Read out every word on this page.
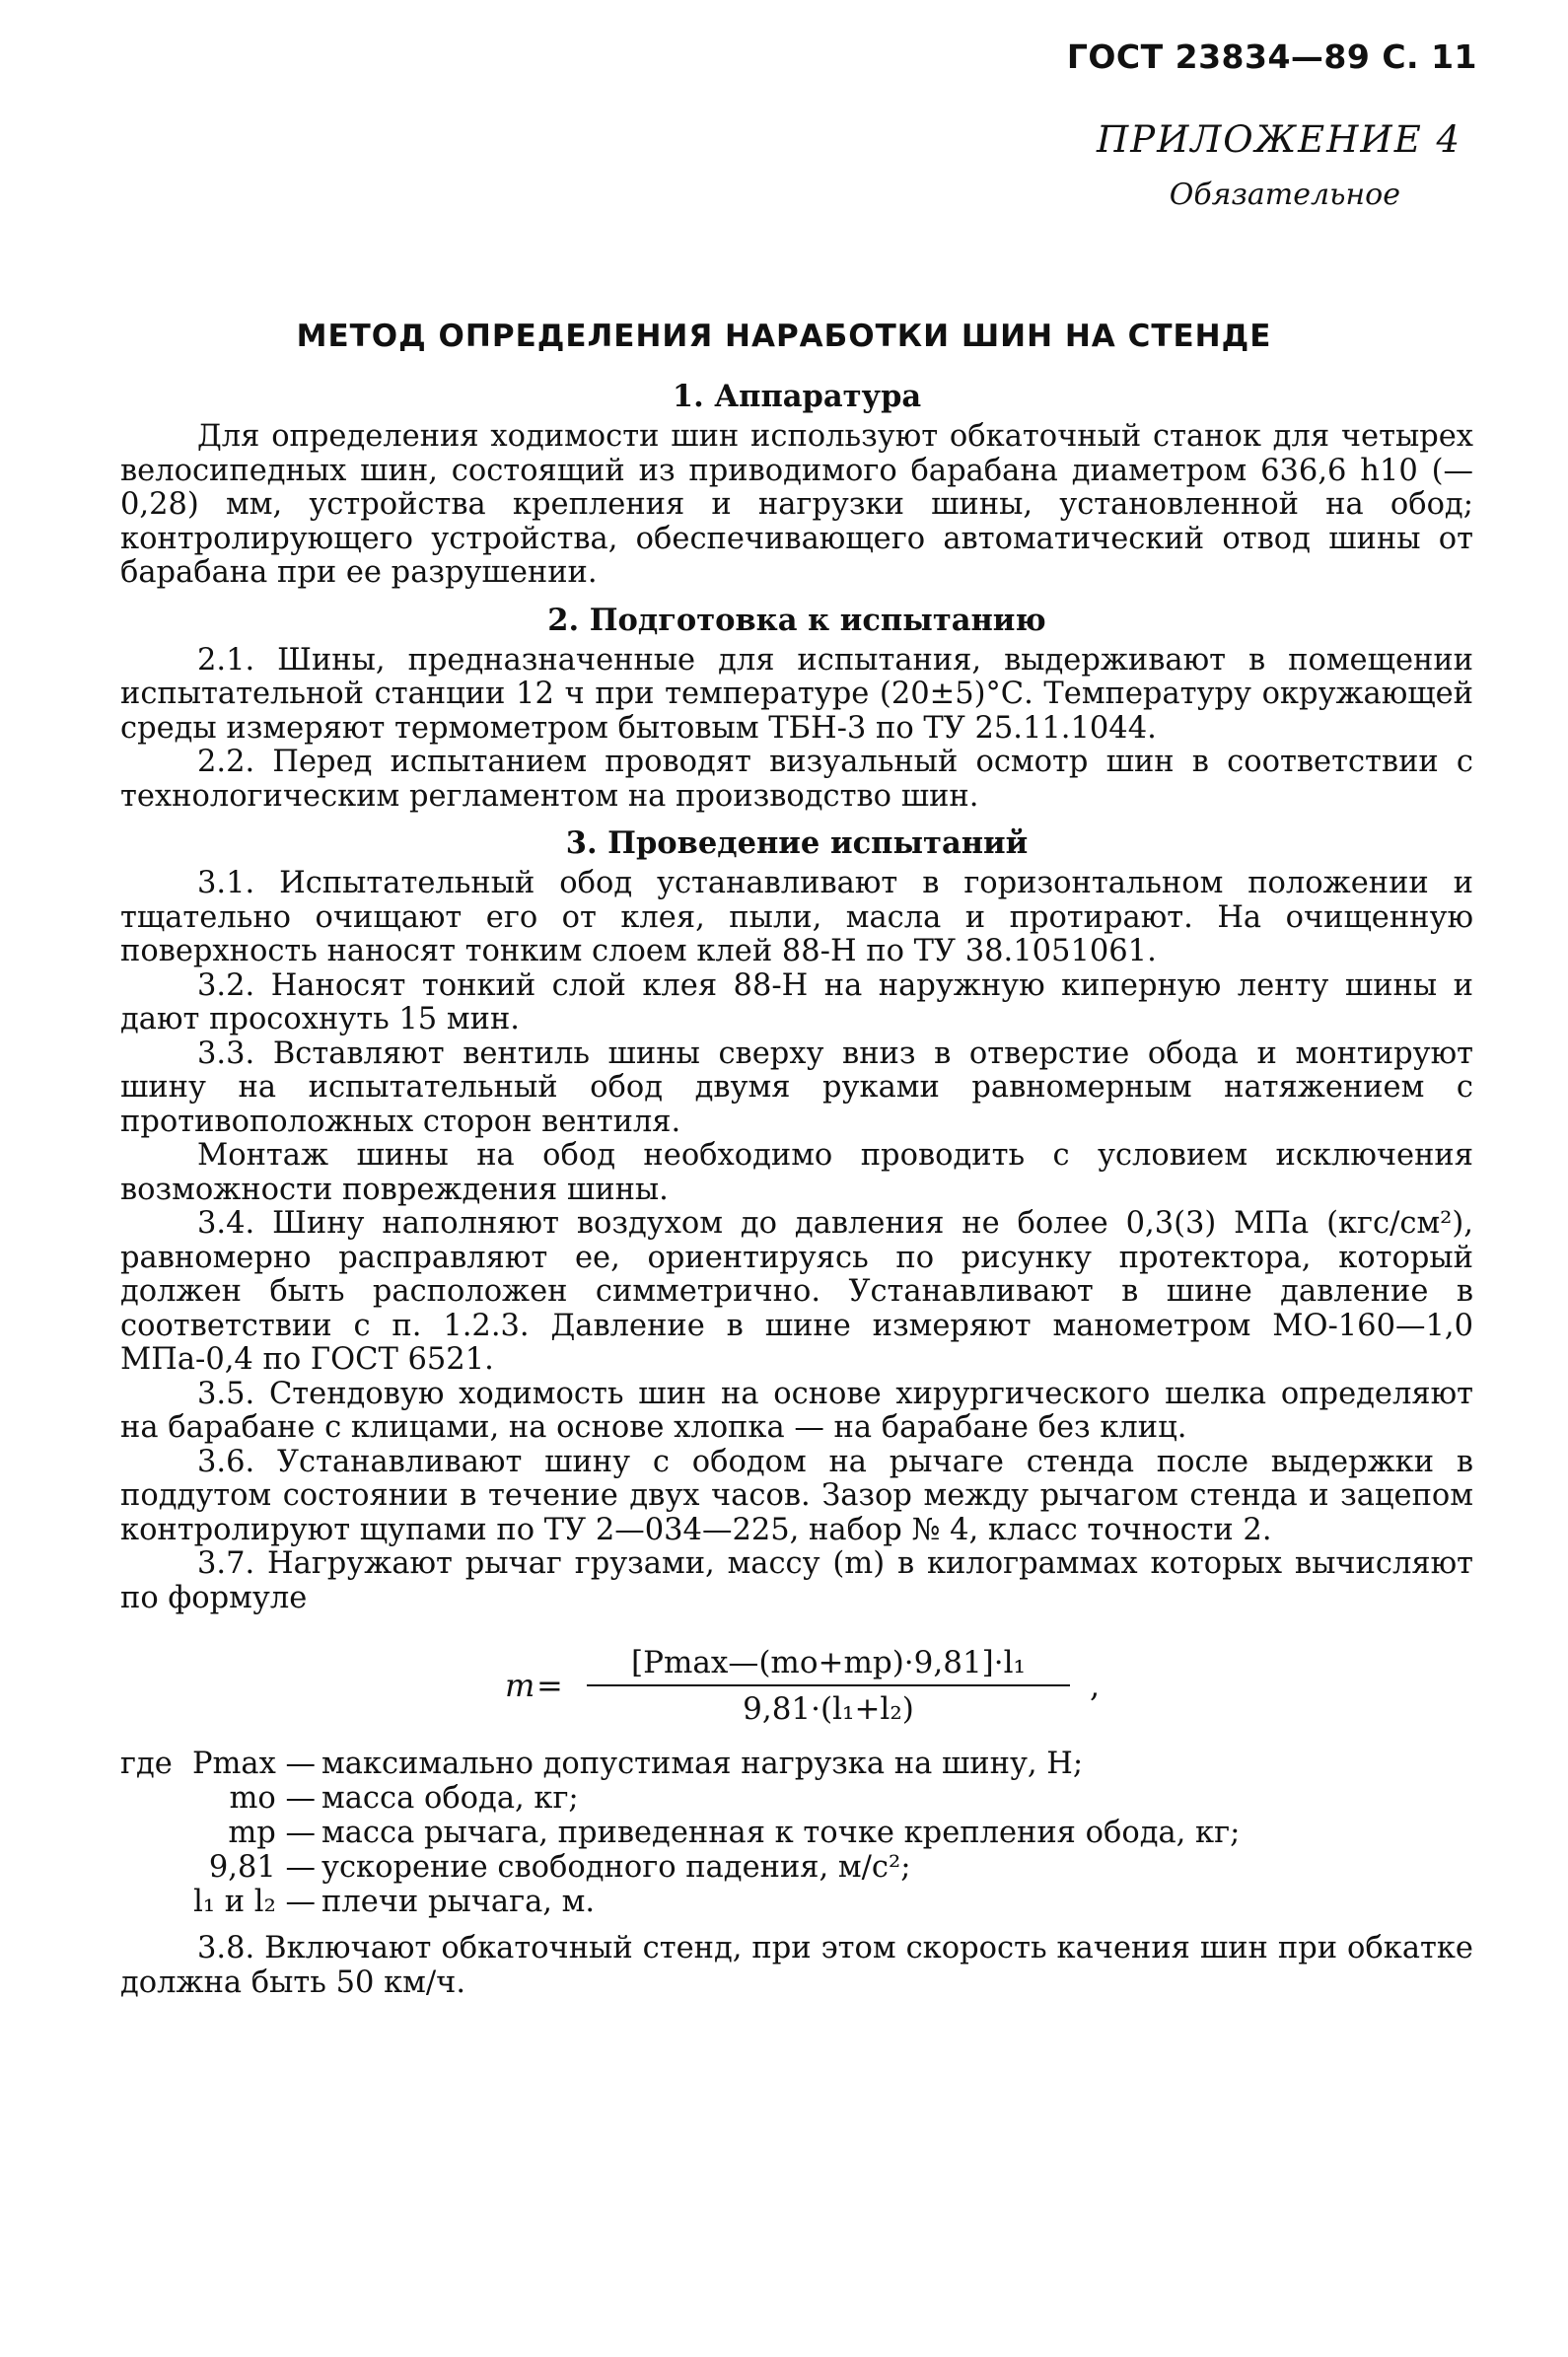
ГОСТ 23834—89 С. 11
ПРИЛОЖЕНИЕ 4
Обязательное
МЕТОД ОПРЕДЕЛЕНИЯ НАРАБОТКИ ШИН НА СТЕНДЕ
1. Аппаратура

Для определения ходимости шин используют обкаточный станок для четырех велосипедных шин, состоящий из приводимого барабана диаметром 636,6 h10 (—0,28) мм, устройства крепления и нагрузки шины, установленной на обод; контролирующего устройства, обеспечивающего автоматический отвод шины от барабана при ее разрушении.

2. Подготовка к испытанию

2.1. Шины, предназначенные для испытания, выдерживают в помещении испытательной станции 12 ч при температуре (20±5)°С. Температуру окружающей среды измеряют термометром бытовым ТБН-3 по ТУ 25.11.1044.

2.2. Перед испытанием проводят визуальный осмотр шин в соответствии с технологическим регламентом на производство шин.

3. Проведение испытаний

3.1. Испытательный обод устанавливают в горизонтальном положении и тщательно очищают его от клея, пыли, масла и протирают. На очищенную поверхность наносят тонким слоем клей 88-Н по ТУ 38.1051061.

3.2. Наносят тонкий слой клея 88-Н на наружную киперную ленту шины и дают просохнуть 15 мин.

3.3. Вставляют вентиль шины сверху вниз в отверстие обода и монтируют шину на испытательный обод двумя руками равномерным натяжением с противоположных сторон вентиля.

Монтаж шины на обод необходимо проводить с условием исключения возможности повреждения шины.

3.4. Шину наполняют воздухом до давления не более 0,3(3) МПа (кгс/см²), равномерно расправляют ее, ориентируясь по рисунку протектора, который должен быть расположен симметрично. Устанавливают в шине давление в соответствии с п. 1.2.3. Давление в шине измеряют манометром МО-160—1,0 МПа-0,4 по ГОСТ 6521.

3.5. Стендовую ходимость шин на основе хирургического шелка определяют на барабане с клицами, на основе хлопка — на барабане без клиц.

3.6. Устанавливают шину с ободом на рычаге стенда после выдержки в поддутом состоянии в течение двух часов. Зазор между рычагом стенда и зацепом контролируют щупами по ТУ 2—034—225, набор № 4, класс точности 2.

3.7. Нагружают рычаг грузами, массу (m) в килограммах которых вычисляют по формуле

m =
[Pmax—(mо+mр)·9,81]·l₁
9,81·(l₁+l₂)
,
где Pmax — максимально допустимая нагрузка на шину, Н;
mо — масса обода, кг;
mр — масса рычага, приведенная к точке крепления обода, кг;
9,81 — ускорение свободного падения, м/с²;
l₁ и l₂ — плечи рычага, м.

3.8. Включают обкаточный стенд, при этом скорость качения шин при обкатке должна быть 50 км/ч.
